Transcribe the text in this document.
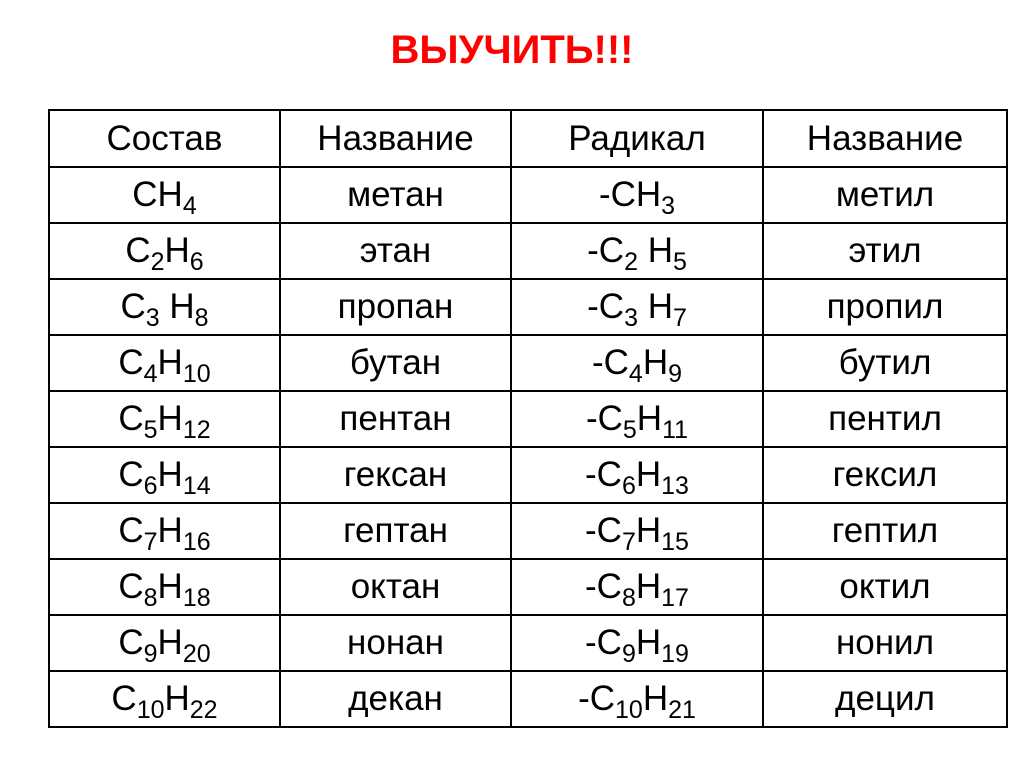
ВЫУЧИТЬ!!!
Состав	Название	Радикал	Название
$CH_4$	метан	$-CH_3$	метил
$C_2H_6$	этан	$-C_2$ $H_5$	этил
$C_3$ $H_8$	пропан	$-C_3$ $H_7$	пропил
$C_4H_{10}$	бутан	$-C_4H_9$	бутил
$C_5H_{12}$	пентан	$-C_5H_{11}$	пентил
$C_6H_{14}$	гексан	$-C_6H_{13}$	гексил
$C_7H_{16}$	гептан	$-C_7H_{15}$	гептил
$C_8H_{18}$	октан	$-C_8H_{17}$	октил
$C_9H_{20}$	нонан	$-C_9H_{19}$	нонил
$C_{10}H_{22}$	декан	$-C_{10}H_{21}$	децил
